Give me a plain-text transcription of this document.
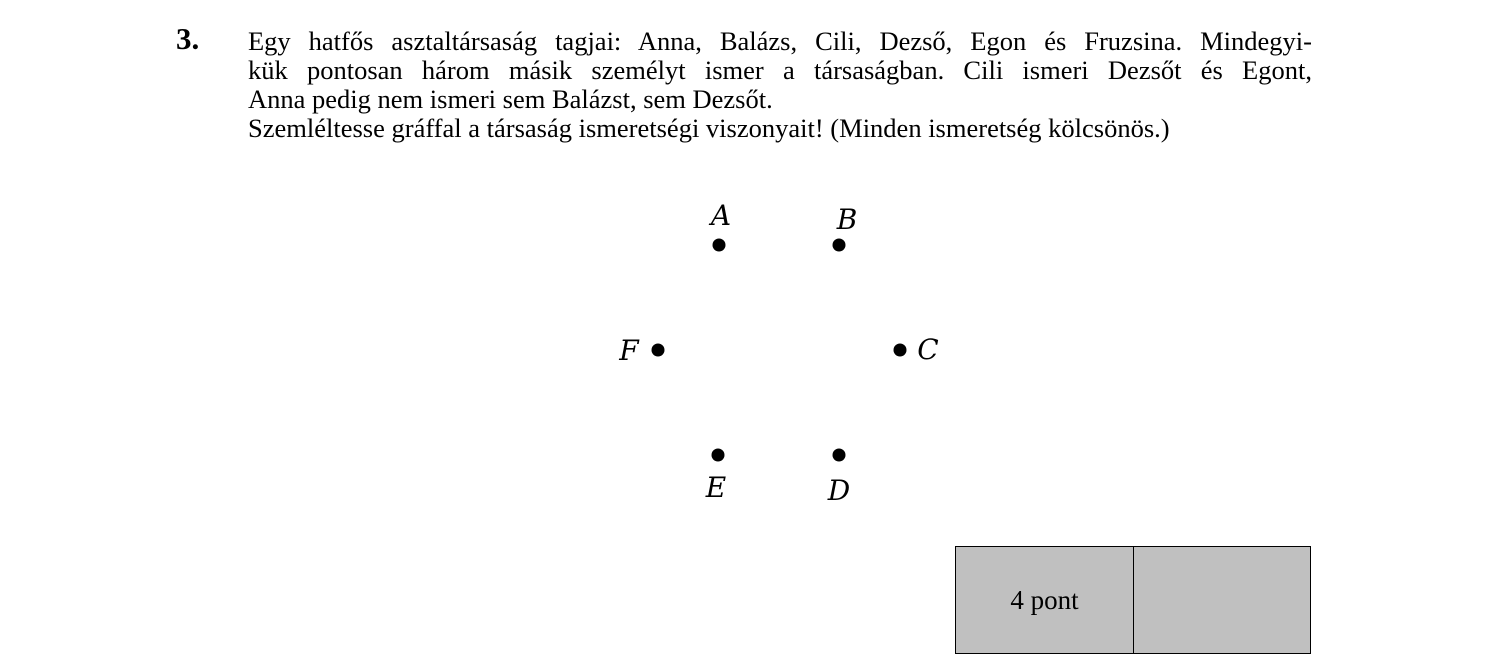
3. Egy hatfős asztaltársaság tagjai: Anna, Balázs, Cili, Dezső, Egon és Fruzsina. Mindegyi-
kük pontosan három másik személyt ismer a társaságban. Cili ismeri Dezsőt és Egont,
Anna pedig nem ismeri sem Balázst, sem Dezsőt.
Szemléltesse gráffal a társaság ismeretségi viszonyait! (Minden ismeretség kölcsönös.)
A	B
C
D
E
F
4 pont
